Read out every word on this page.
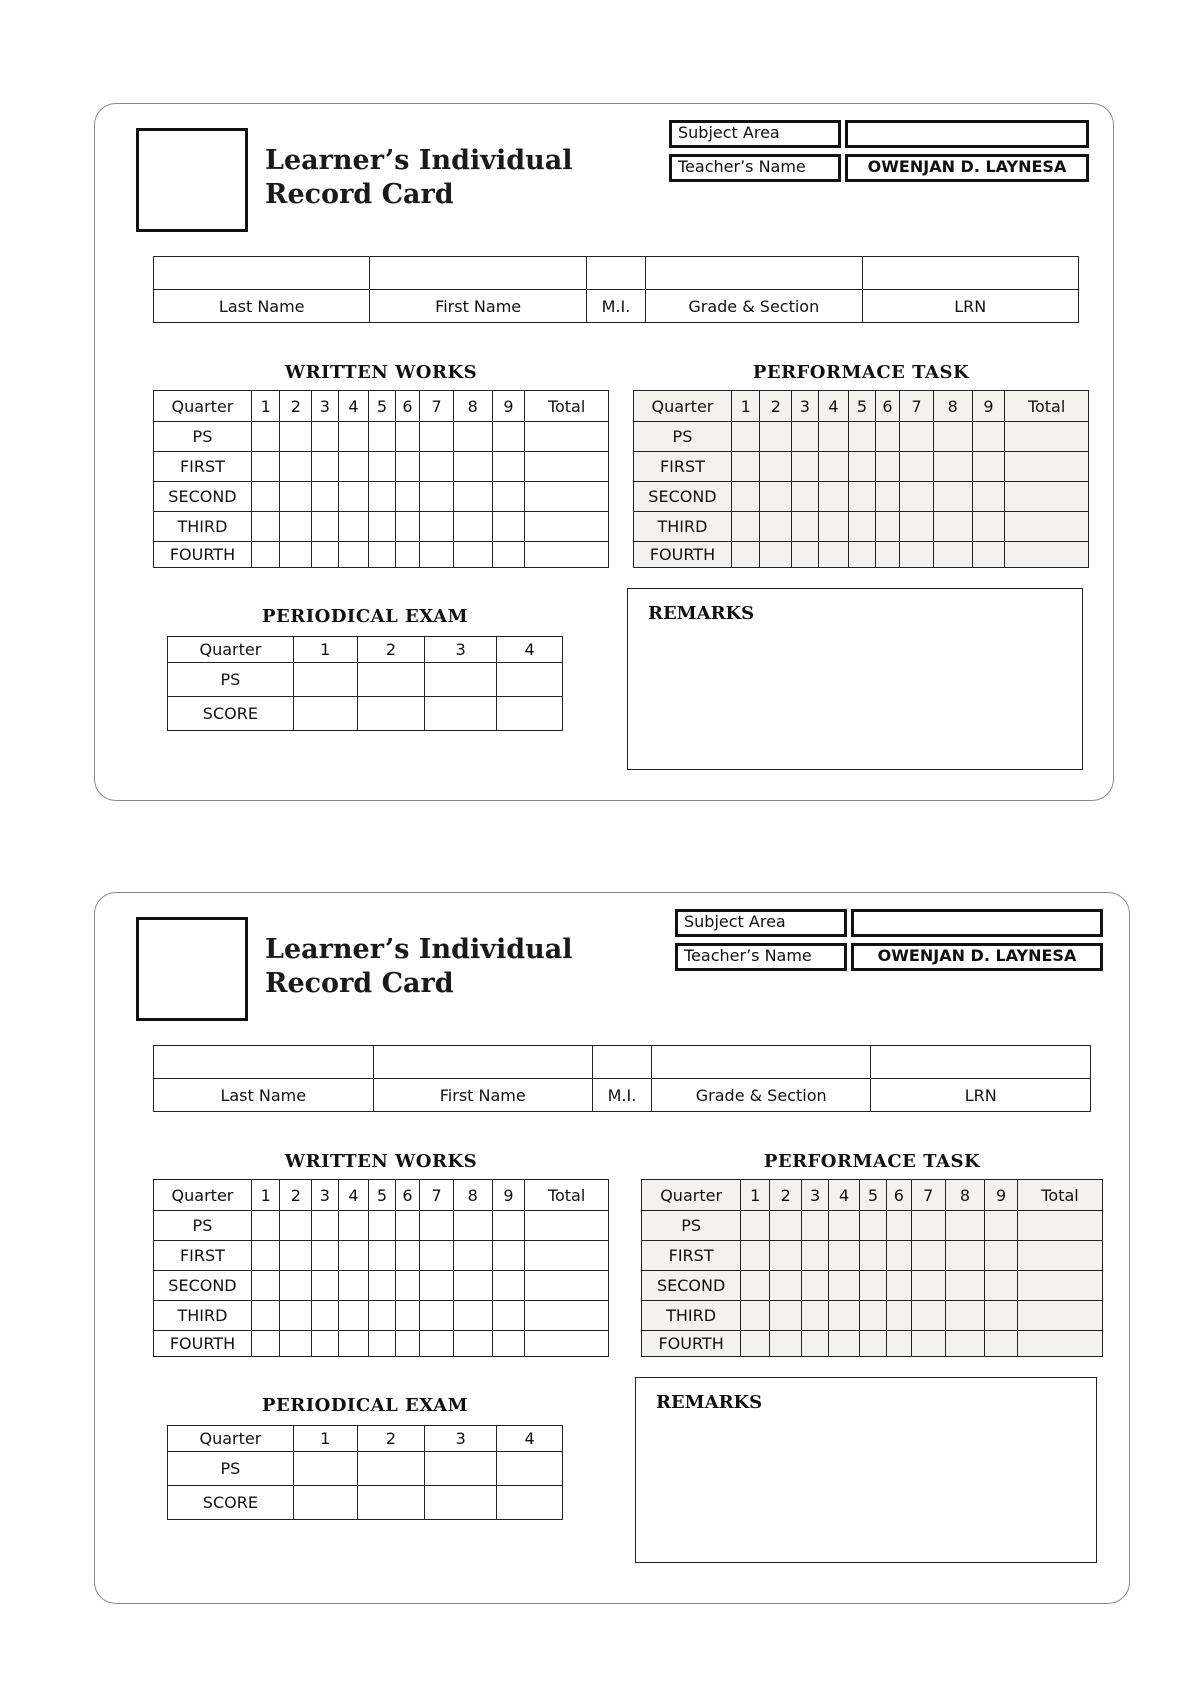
Learner’s Individual
Record Card
Subject Area
Teacher’s Name	OWENJAN D. LAYNESA

Last Name	First Name	M.I.	Grade & Section	LRN
WRITTEN WORKS	PERFORMACE TASK
Quarter	1	2	3	4	5	6	7	8	9	Total
PS										
FIRST										
SECOND										
THIRD										
FOURTH										
Quarter	1	2	3	4	5	6	7	8	9	Total
PS										
FIRST										
SECOND										
THIRD										
FOURTH										
PERIODICAL EXAM
Quarter	1	2	3	4
PS				
SCORE				
REMARKS
Learner’s Individual
Record Card
Subject Area
Teacher’s Name	OWENJAN D. LAYNESA

Last Name	First Name	M.I.	Grade & Section	LRN
WRITTEN WORKS	PERFORMACE TASK
Quarter	1	2	3	4	5	6	7	8	9	Total
PS										
FIRST										
SECOND										
THIRD										
FOURTH										
Quarter	1	2	3	4	5	6	7	8	9	Total
PS										
FIRST										
SECOND										
THIRD										
FOURTH										
PERIODICAL EXAM
Quarter	1	2	3	4
PS				
SCORE				
REMARKS
